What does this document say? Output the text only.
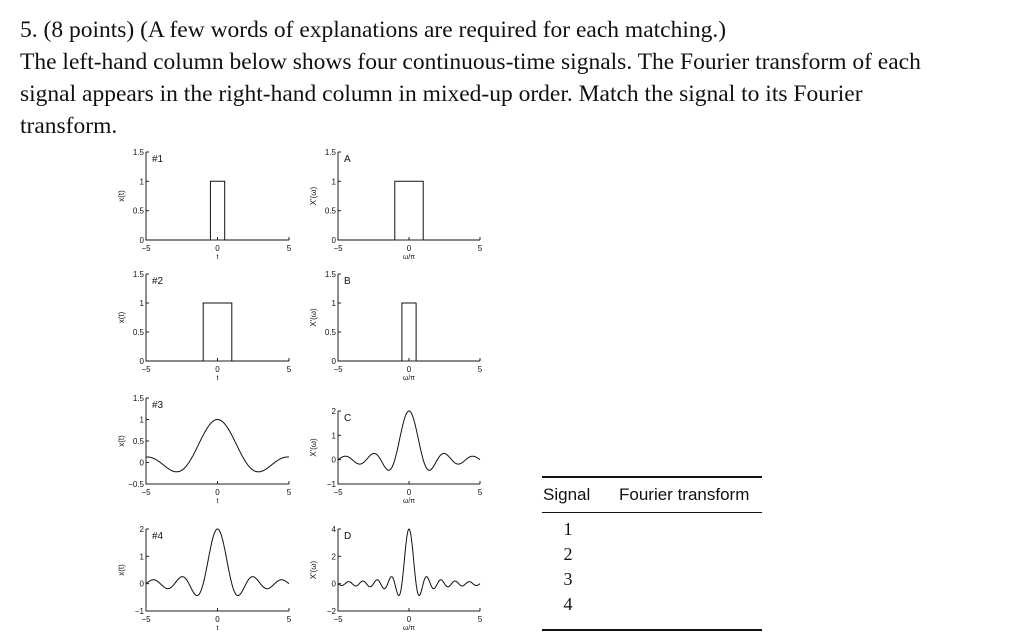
5. (8 points) (A few words of explanations are required for each matching.)
The left-hand column below shows four continuous-time signals. The Fourier transform of each
signal appears in the right-hand column in mixed-up order. Match the signal to its Fourier
transform.
0
0.5
1
1.5
−5	0	5
t
x(t)
#1
0
0.5
1
1.5
−5	0	5
ω/π
X'(ω)
A
0
0.5
1
1.5
−5	0	5
t
x(t)
#2
0
0.5
1
1.5
−5	0	5
ω/π
X'(ω)
B
−0.5
0
0.5
1
1.5
−5	0	5
t
x(t)
#3
−1
0
1
2
−5	0	5
ω/π
X'(ω)
C
−1
0
1
2
−5	0	5
t
x(t)
#4
−2
0
2
4
−5	0	5
ω/π
X'(ω)
D
Signal	Fourier transform
1
2
3
4
